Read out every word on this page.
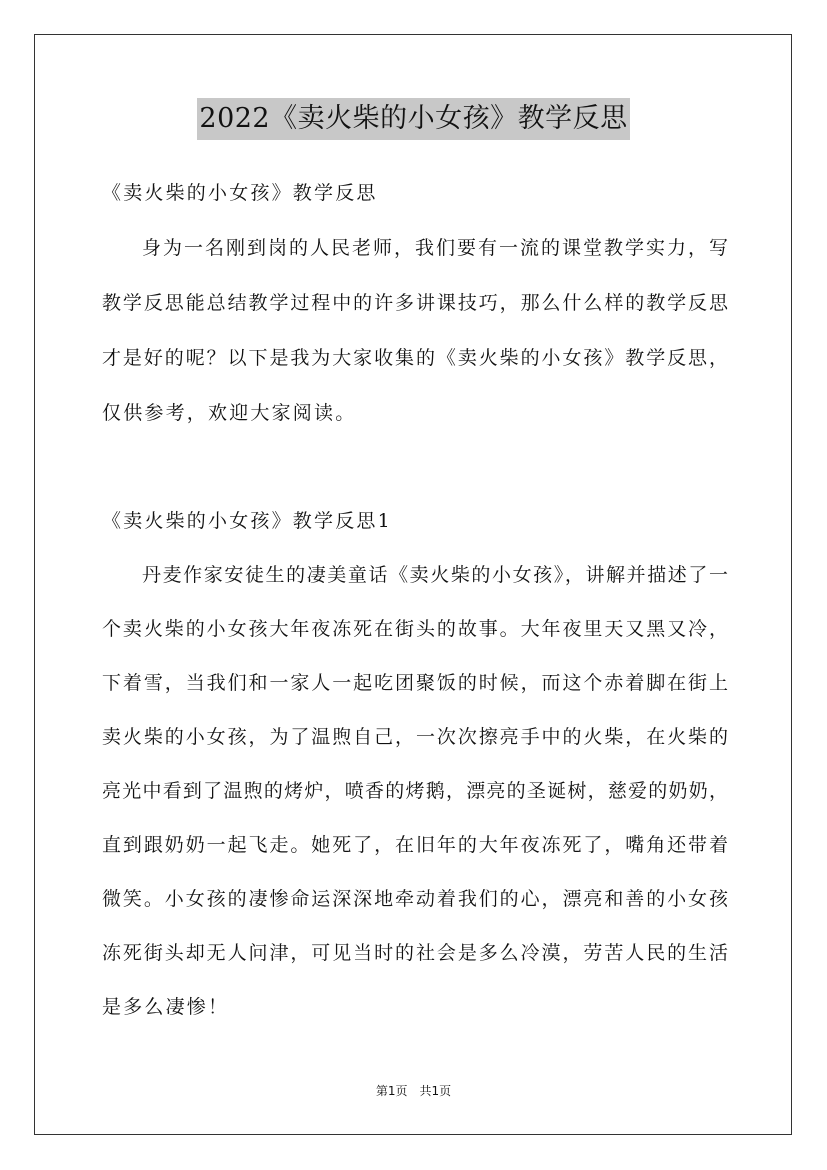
2022《卖火柴的小女孩》教学反思
《卖火柴的小女孩》教学反思
身为一名刚到岗的人民老师，我们要有一流的课堂教学实力，写
教学反思能总结教学过程中的许多讲课技巧，那么什么样的教学反思
才是好的呢？以下是我为大家收集的《卖火柴的小女孩》教学反思，
仅供参考，欢迎大家阅读。
《卖火柴的小女孩》教学反思1
丹麦作家安徒生的凄美童话《卖火柴的小女孩》，讲解并描述了一
个卖火柴的小女孩大年夜冻死在街头的故事。大年夜里天又黑又冷，
下着雪，当我们和一家人一起吃团聚饭的时候，而这个赤着脚在街上
卖火柴的小女孩，为了温煦自己，一次次擦亮手中的火柴，在火柴的
亮光中看到了温煦的烤炉，喷香的烤鹅，漂亮的圣诞树，慈爱的奶奶，
直到跟奶奶一起飞走。她死了，在旧年的大年夜冻死了，嘴角还带着
微笑。小女孩的凄惨命运深深地牵动着我们的心，漂亮和善的小女孩
冻死街头却无人问津，可见当时的社会是多么冷漠，劳苦人民的生活
是多么凄惨！
第1页　共1页
